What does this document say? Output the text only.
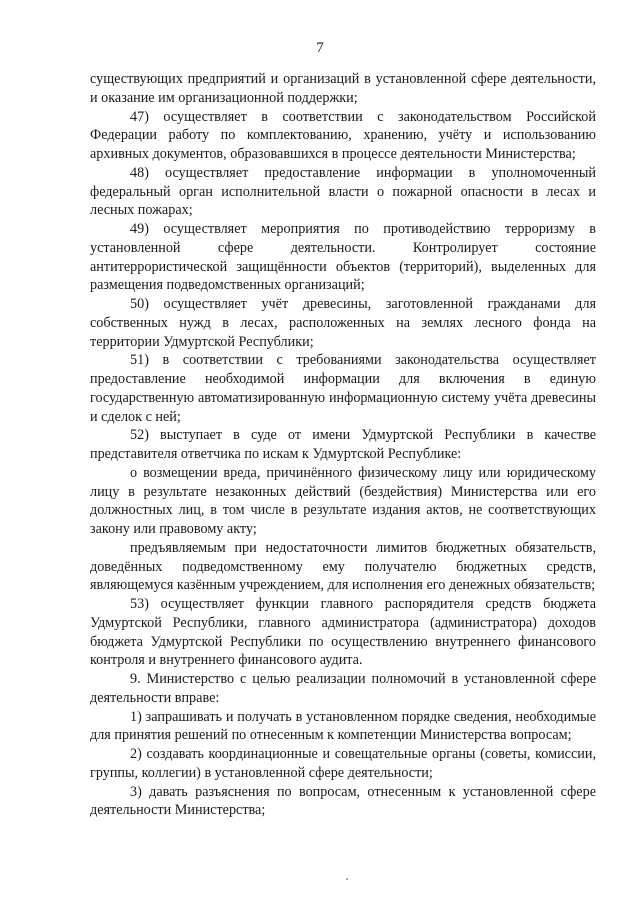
7

существующих предприятий и организаций в установленной сфере деятельности, и оказание им организационной поддержки;

47) осуществляет в соответствии с законодательством Российской Федерации работу по комплектованию, хранению, учёту и использованию архивных документов, образовавшихся в процессе деятельности Министерства;

48) осуществляет предоставление информации в уполномоченный федеральный орган исполнительной власти о пожарной опасности в лесах и лесных пожарах;

49) осуществляет мероприятия по противодействию терроризму в установленной сфере деятельности. Контролирует состояние антитеррористической защищённости объектов (территорий), выделенных для размещения подведомственных организаций;

50) осуществляет учёт древесины, заготовленной гражданами для собственных нужд в лесах, расположенных на землях лесного фонда на территории Удмуртской Республики;

51) в соответствии с требованиями законодательства осуществляет предоставление необходимой информации для включения в единую государственную автоматизированную информационную систему учёта древесины и сделок с ней;

52) выступает в суде от имени Удмуртской Республики в качестве представителя ответчика по искам к Удмуртской Республике:

о возмещении вреда, причинённого физическому лицу или юридическому лицу в результате незаконных действий (бездействия) Министерства или его должностных лиц, в том числе в результате издания актов, не соответствующих закону или правовому акту;

предъявляемым при недостаточности лимитов бюджетных обязательств, доведённых подведомственному ему получателю бюджетных средств, являющемуся казённым учреждением, для исполнения его денежных обязательств;

53) осуществляет функции главного распорядителя средств бюджета Удмуртской Республики, главного администратора (администратора) доходов бюджета Удмуртской Республики по осуществлению внутреннего финансового контроля и внутреннего финансового аудита.

9. Министерство с целью реализации полномочий в установленной сфере деятельности вправе:

1) запрашивать и получать в установленном порядке сведения, необходимые для принятия решений по отнесенным к компетенции Министерства вопросам;

2) создавать координационные и совещательные органы (советы, комиссии, группы, коллегии) в установленной сфере деятельности;

3) давать разъяснения по вопросам, отнесенным к установленной сфере деятельности Министерства;
